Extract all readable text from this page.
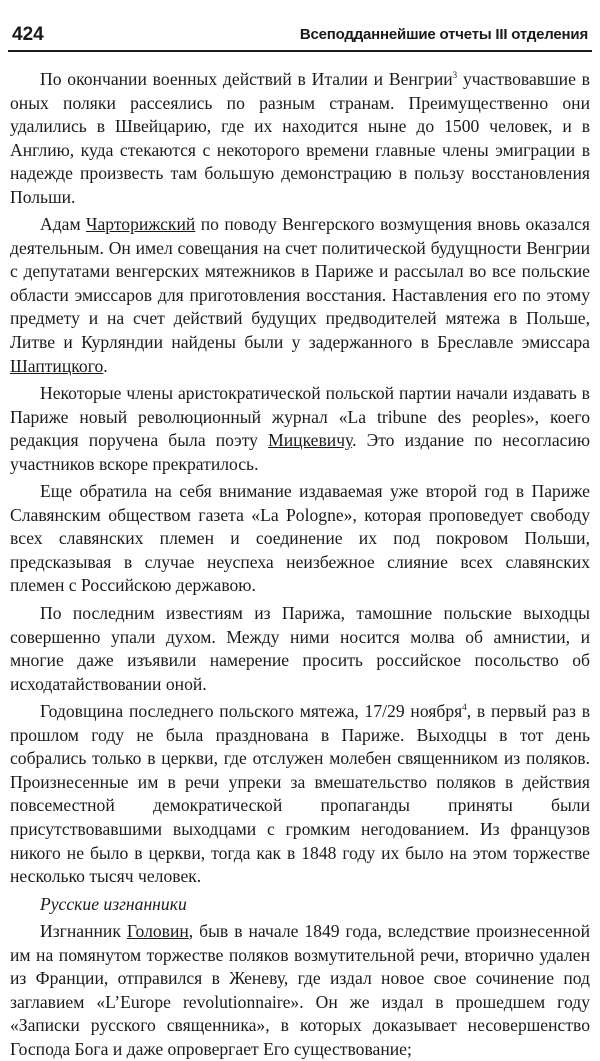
424	Всеподданнейшие отчеты III отделения

По окончании военных действий в Италии и Венгрии$^3$ участвовавшие в оных поляки рассеялись по разным странам. Преимущественно они удалились в Швейцарию, где их находится ныне до 1500 человек, и в Англию, куда стекаются с некоторого времени главные члены эмиграции в надежде произвесть там большую демонстрацию в пользу восстановления Польши.

Адам Чарторижский по поводу Венгерского возмущения вновь оказался деятельным. Он имел совещания на счет политической будущности Венгрии с депутатами венгерских мятежников в Париже и рассылал во все польские области эмиссаров для приготовления восстания. Наставления его по этому предмету и на счет действий будущих предводителей мятежа в Польше, Литве и Курляндии найдены были у задержанного в Бреславле эмиссара Шаптицкого.

Некоторые члены аристократической польской партии начали издавать в Париже новый революционный журнал «La tribune des peoples», коего редакция поручена была поэту Мицкевичу. Это издание по несогласию участников вскоре прекратилось.

Еще обратила на себя внимание издаваемая уже второй год в Париже Славянским обществом газета «La Pologne», которая проповедует свободу всех славянских племен и соединение их под покровом Польши, предсказывая в случае неуспеха неизбежное слияние всех славянских племен с Российскою державою.

По последним известиям из Парижа, тамошние польские выходцы совершенно упали духом. Между ними носится молва об амнистии, и многие даже изъявили намерение просить российское посольство об исходатайствовании оной.

Годовщина последнего польского мятежа, 17/29 ноября$^4$, в первый раз в прошлом году не была празднована в Париже. Выходцы в тот день собрались только в церкви, где отслужен молебен священником из поляков. Произнесенные им в речи упреки за вмешательство поляков в действия повсеместной демократической пропаганды приняты были присутствовавшими выходцами с громким негодованием. Из французов никого не было в церкви, тогда как в 1848 году их было на этом торжестве несколько тысяч человек.

Русские изгнанники

Изгнанник Головин, быв в начале 1849 года, вследствие произнесенной им на помянутом торжестве поляков возмутительной речи, вторично удален из Франции, отправился в Женеву, где издал новое свое сочинение под заглавием «L’Europe revolutionnaire». Он же издал в прошедшем году «Записки русского священника», в которых доказывает несовершенство Господа Бога и даже опровергает Его существование;
